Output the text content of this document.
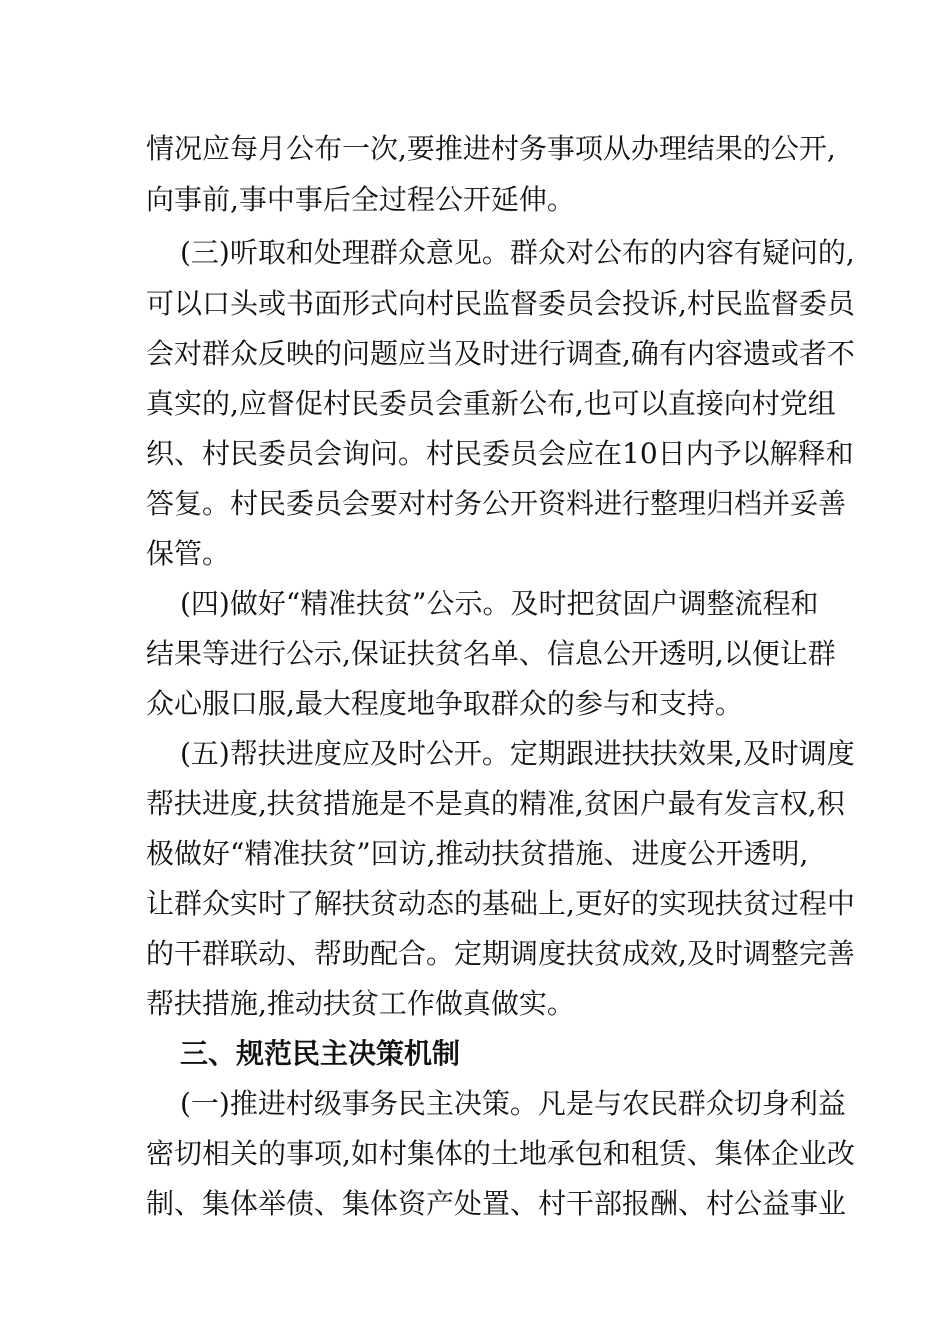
情况应每月公布一次,要推进村务事项从办理结果的公开,
向事前,事中事后全过程公开延伸。
(三)听取和处理群众意见。群众对公布的内容有疑问的,
可以口头或书面形式向村民监督委员会投诉,村民监督委员
会对群众反映的问题应当及时进行调查,确有内容遗或者不
真实的,应督促村民委员会重新公布,也可以直接向村党组
织、村民委员会询问。村民委员会应在10日内予以解释和
答复。村民委员会要对村务公开资料进行整理归档并妥善
保管。
(四)做好“精准扶贫”公示。及时把贫固户调整流程和
结果等进行公示,保证扶贫名单、信息公开透明,以便让群
众心服口服,最大程度地争取群众的参与和支持。
(五)帮扶进度应及时公开。定期跟进扶扶效果,及时调度
帮扶进度,扶贫措施是不是真的精准,贫困户最有发言权,积
极做好“精准扶贫”回访,推动扶贫措施、进度公开透明,
让群众实时了解扶贫动态的基础上,更好的实现扶贫过程中
的干群联动、帮助配合。定期调度扶贫成效,及时调整完善
帮扶措施,推动扶贫工作做真做实。
三、规范民主决策机制
(一)推进村级事务民主决策。凡是与农民群众切身利益
密切相关的事项,如村集体的土地承包和租赁、集体企业改
制、集体举债、集体资产处置、村干部报酬、村公益事业
